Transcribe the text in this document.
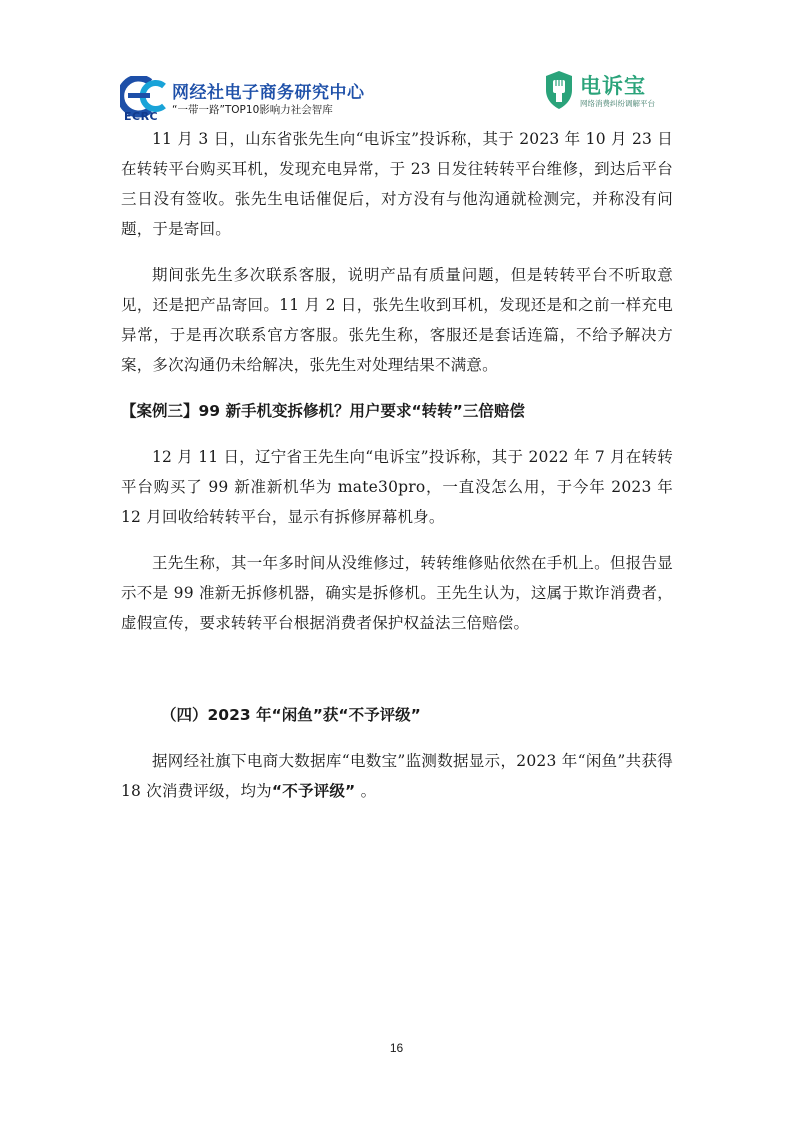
ECRC
网经社电子商务研究中心
“一带一路”TOP10影响力社会智库
电诉宝
网络消费纠纷调解平台

11 月 3 日，山东省张先生向“电诉宝”投诉称，其于 2023 年 10 月 23 日在转转平台购买耳机，发现充电异常，于 23 日发往转转平台维修，到达后平台三日没有签收。张先生电话催促后，对方没有与他沟通就检测完，并称没有问题，于是寄回。

期间张先生多次联系客服，说明产品有质量问题，但是转转平台不听取意见，还是把产品寄回。11 月 2 日，张先生收到耳机，发现还是和之前一样充电异常，于是再次联系官方客服。张先生称，客服还是套话连篇，不给予解决方案，多次沟通仍未给解决，张先生对处理结果不满意。

【案例三】99 新手机变拆修机？用户要求“转转”三倍赔偿

12 月 11 日，辽宁省王先生向“电诉宝”投诉称，其于 2022 年 7 月在转转平台购买了 99 新准新机华为 mate30pro，一直没怎么用，于今年 2023 年 12 月回收给转转平台，显示有拆修屏幕机身。

王先生称，其一年多时间从没维修过，转转维修贴依然在手机上。但报告显示不是 99 准新无拆修机器，确实是拆修机。王先生认为，这属于欺诈消费者，虚假宣传，要求转转平台根据消费者保护权益法三倍赔偿。

（四）2023 年“闲鱼”获“不予评级”

据网经社旗下电商大数据库“电数宝”监测数据显示，2023 年“闲鱼”共获得 18 次消费评级，均为“不予评级” 。

16
